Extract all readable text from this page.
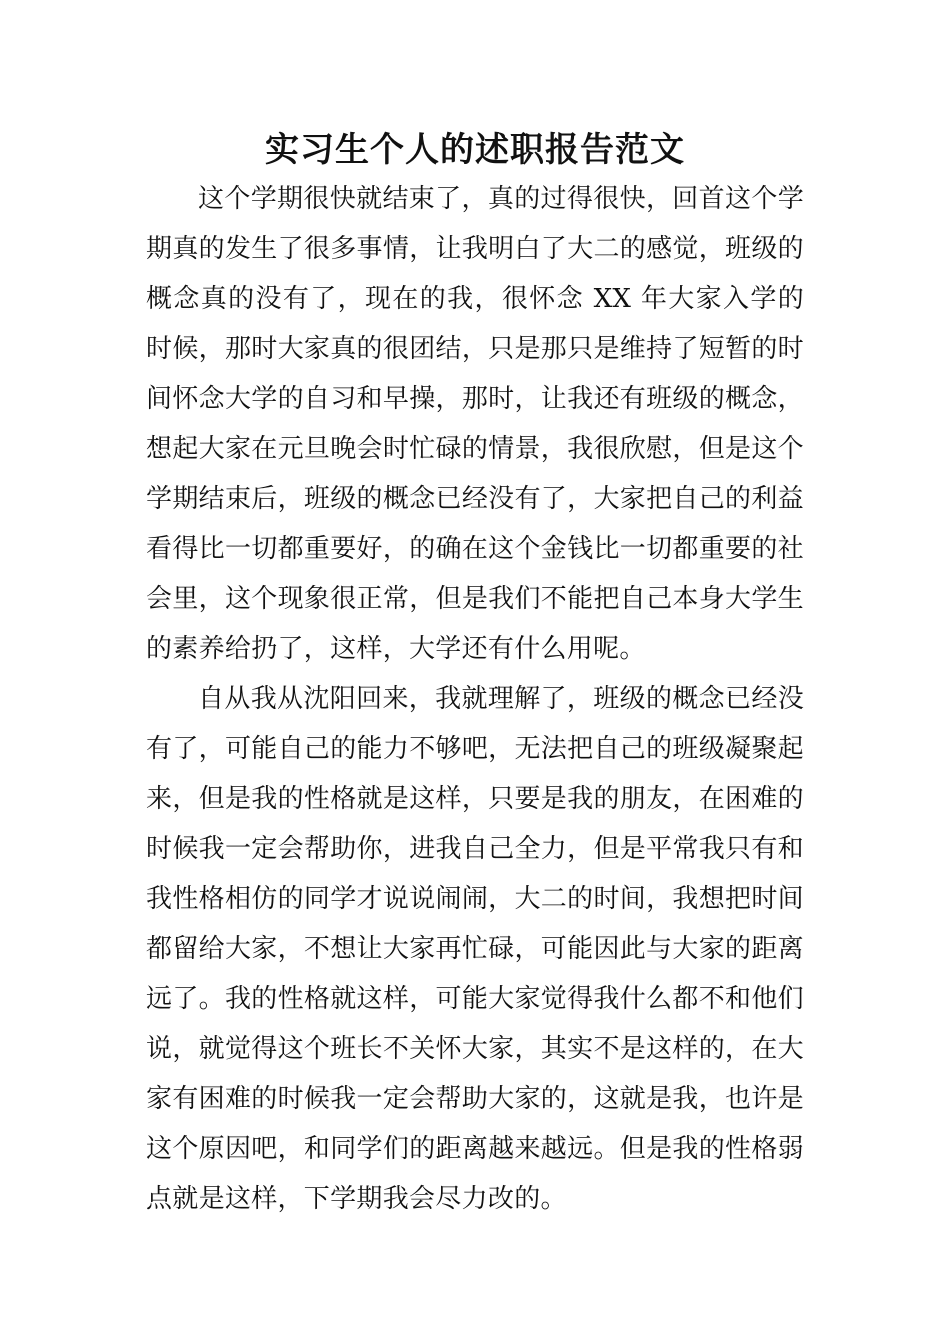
实习生个人的述职报告范文

这个学期很快就结束了，真的过得很快，回首这个学期真的发生了很多事情，让我明白了大二的感觉，班级的概念真的没有了，现在的我，很怀念 XX 年大家入学的时候，那时大家真的很团结，只是那只是维持了短暂的时间怀念大学的自习和早操，那时，让我还有班级的概念，想起大家在元旦晚会时忙碌的情景，我很欣慰，但是这个学期结束后，班级的概念已经没有了，大家把自己的利益看得比一切都重要好，的确在这个金钱比一切都重要的社会里，这个现象很正常，但是我们不能把自己本身大学生的素养给扔了，这样，大学还有什么用呢。

自从我从沈阳回来，我就理解了，班级的概念已经没有了，可能自己的能力不够吧，无法把自己的班级凝聚起来，但是我的性格就是这样，只要是我的朋友，在困难的时候我一定会帮助你，进我自己全力，但是平常我只有和我性格相仿的同学才说说闹闹，大二的时间，我想把时间都留给大家，不想让大家再忙碌，可能因此与大家的距离远了。我的性格就这样，可能大家觉得我什么都不和他们说，就觉得这个班长不关怀大家，其实不是这样的，在大家有困难的时候我一定会帮助大家的，这就是我，也许是这个原因吧，和同学们的距离越来越远。但是我的性格弱点就是这样，下学期我会尽力改的。
